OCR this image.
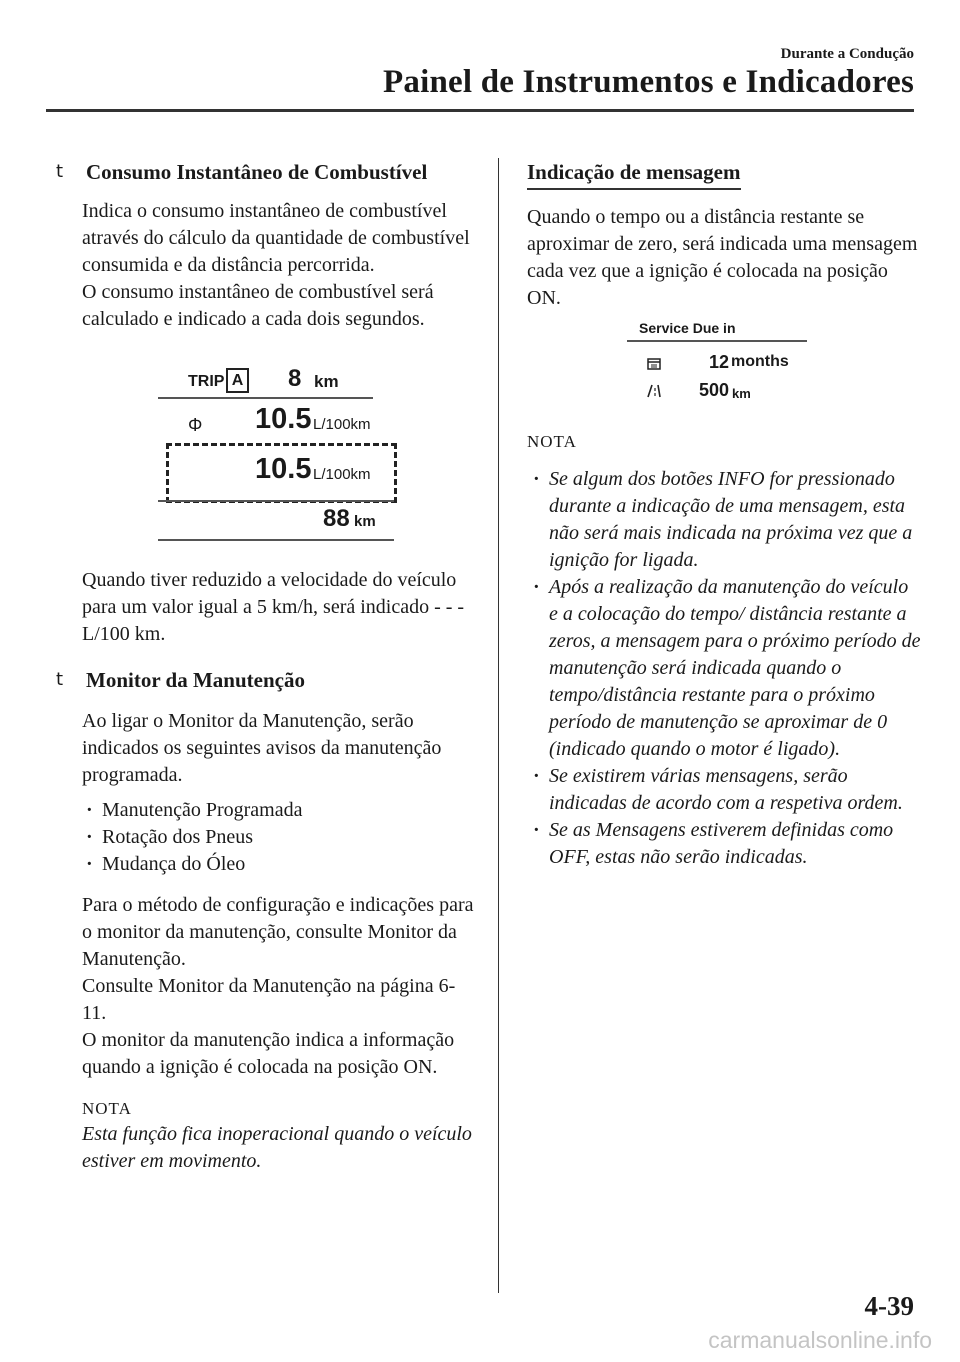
Durante a Condução
Painel de Instrumentos e Indicadores
t Consumo Instantâneo de Combustível

Indica o consumo instantâneo de combustível através do cálculo da quantidade de combustível consumida e da distância percorrida.

O consumo instantâneo de combustível será calculado e indicado a cada dois segundos.

TRIP A 8 km
Φ 10.5 L/100km
10.5 L/100km
88 km

Quando tiver reduzido a velocidade do veículo para um valor igual a 5 km/h, será indicado - - - L/100 km.

t Monitor da Manutenção

Ao ligar o Monitor da Manutenção, serão indicados os seguintes avisos da manutenção programada.

· Manutenção Programada
· Rotação dos Pneus
· Mudança do Óleo

Para o método de configuração e indicações para o monitor da manutenção, consulte Monitor da Manutenção.

Consulte Monitor da Manutenção na página 6-11.

O monitor da manutenção indica a informação quando a ignição é colocada na posição ON.

NOTA

Esta função fica inoperacional quando o veículo estiver em movimento.

Indicação de mensagem

Quando o tempo ou a distância restante se aproximar de zero, será indicada uma mensagem cada vez que a ignição é colocada na posição ON.

Service Due in
12 months
500 km
NOTA
· Se algum dos botões INFO for pressionado durante a indicação de uma mensagem, esta não será mais indicada na próxima vez que a ignição for ligada.
· Após a realização da manutenção do veículo e a colocação do tempo/ distância restante a zeros, a mensagem para o próximo período de manutenção será indicada quando o tempo/distância restante para o próximo período de manutenção se aproximar de 0 (indicado quando o motor é ligado).
· Se existirem várias mensagens, serão indicadas de acordo com a respetiva ordem.
· Se as Mensagens estiverem definidas como OFF, estas não serão indicadas.
4-39
carmanualsonline.info
